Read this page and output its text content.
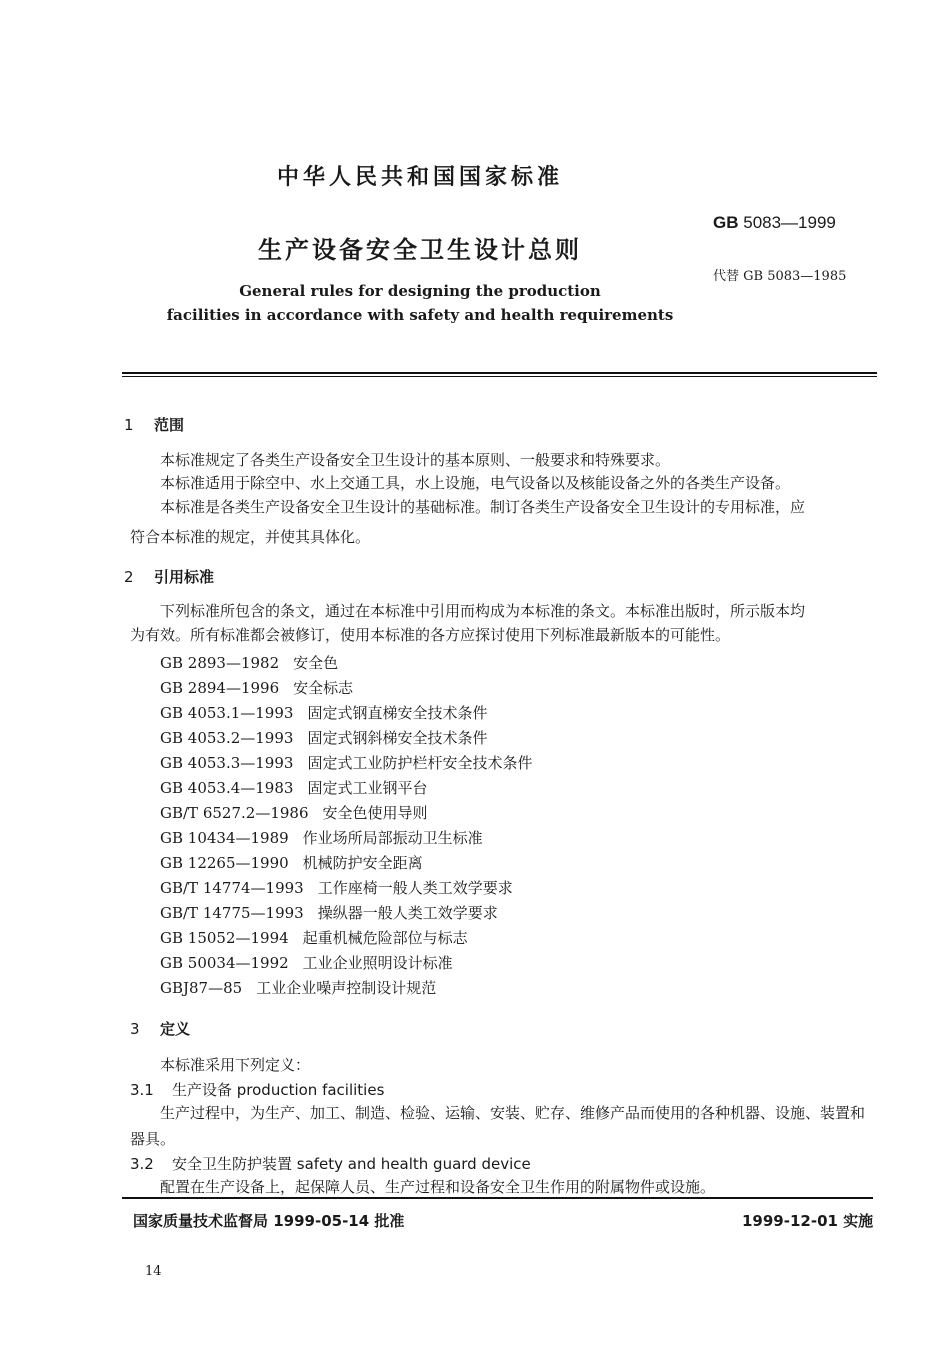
中华人民共和国国家标准
GB 5083—1999
生产设备安全卫生设计总则
代替 GB 5083—1985
General rules for designing the production
facilities in accordance with safety and health requirements
1 范围
本标准规定了各类生产设备安全卫生设计的基本原则、一般要求和特殊要求。
本标准适用于除空中、水上交通工具，水上设施，电气设备以及核能设备之外的各类生产设备。
本标准是各类生产设备安全卫生设计的基础标准。制订各类生产设备安全卫生设计的专用标准，应
符合本标准的规定，并使其具体化。
2 引用标准
下列标准所包含的条文，通过在本标准中引用而构成为本标准的条文。本标准出版时，所示版本均
为有效。所有标准都会被修订，使用本标准的各方应探讨使用下列标准最新版本的可能性。
GB 2893—1982 安全色
GB 2894—1996 安全标志
GB 4053.1—1993 固定式钢直梯安全技术条件
GB 4053.2—1993 固定式钢斜梯安全技术条件
GB 4053.3—1993 固定式工业防护栏杆安全技术条件
GB 4053.4—1983 固定式工业钢平台
GB/T 6527.2—1986 安全色使用导则
GB 10434—1989 作业场所局部振动卫生标准
GB 12265—1990 机械防护安全距离
GB/T 14774—1993 工作座椅一般人类工效学要求
GB/T 14775—1993 操纵器一般人类工效学要求
GB 15052—1994 起重机械危险部位与标志
GB 50034—1992 工业企业照明设计标准
GBJ87—85 工业企业噪声控制设计规范
3 定义
本标准采用下列定义：
3.1 生产设备 production facilities
生产过程中，为生产、加工、制造、检验、运输、安装、贮存、维修产品而使用的各种机器、设施、装置和
器具。
3.2 安全卫生防护装置 safety and health guard device
配置在生产设备上，起保障人员、生产过程和设备安全卫生作用的附属物件或设施。
国家质量技术监督局 1999-05-14 批准	1999-12-01 实施
14
